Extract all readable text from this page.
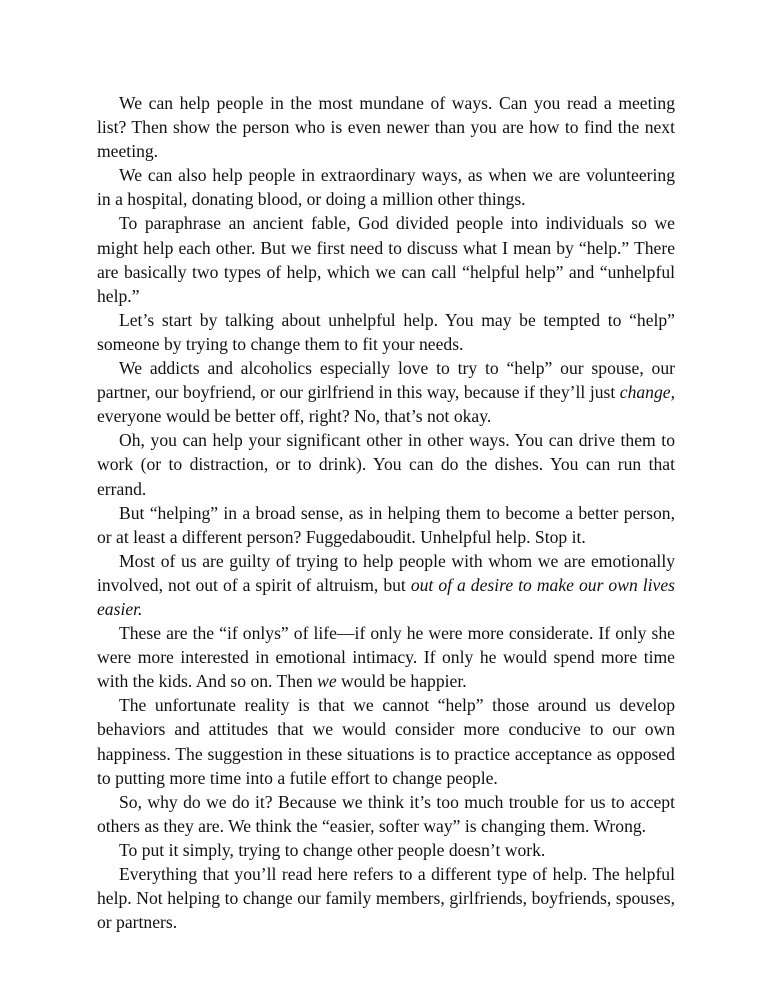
We can help people in the most mundane of ways. Can you read a meeting list? Then show the person who is even newer than you are how to find the next meeting.

We can also help people in extraordinary ways, as when we are volunteering in a hospital, donating blood, or doing a million other things.

To paraphrase an ancient fable, God divided people into individuals so we might help each other. But we first need to discuss what I mean by “help.” There are basically two types of help, which we can call “helpful help” and “unhelpful help.”

Let’s start by talking about unhelpful help. You may be tempted to “help” someone by trying to change them to fit your needs.

We addicts and alcoholics especially love to try to “help” our spouse, our partner, our boyfriend, or our girlfriend in this way, because if they’ll just change, everyone would be better off, right? No, that’s not okay.

Oh, you can help your significant other in other ways. You can drive them to work (or to distraction, or to drink). You can do the dishes. You can run that errand.

But “helping” in a broad sense, as in helping them to become a better person, or at least a different person? Fuggedaboudit. Unhelpful help. Stop it.

Most of us are guilty of trying to help people with whom we are emotionally involved, not out of a spirit of altruism, but out of a desire to make our own lives easier.

These are the “if onlys” of life—if only he were more considerate. If only she were more interested in emotional intimacy. If only he would spend more time with the kids. And so on. Then we would be happier.

The unfortunate reality is that we cannot “help” those around us develop behaviors and attitudes that we would consider more conducive to our own happiness. The suggestion in these situations is to practice acceptance as opposed to putting more time into a futile effort to change people.

So, why do we do it? Because we think it’s too much trouble for us to accept others as they are. We think the “easier, softer way” is changing them. Wrong.

To put it simply, trying to change other people doesn’t work.

Everything that you’ll read here refers to a different type of help. The helpful help. Not helping to change our family members, girlfriends, boyfriends, spouses, or partners.
